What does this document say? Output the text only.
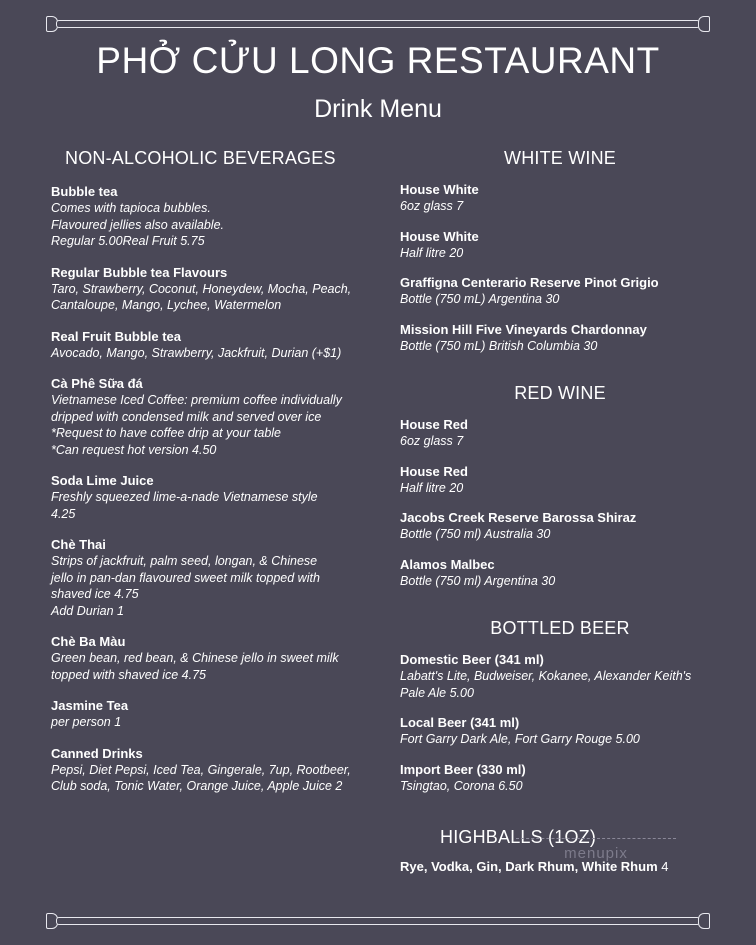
PHỞ CỬU LONG RESTAURANT
Drink Menu
NON-ALCOHOLIC BEVERAGES
Bubble tea
Comes with tapioca bubbles.
Flavoured jellies also available.
Regular 5.00Real Fruit 5.75
Regular Bubble tea Flavours
Taro, Strawberry, Coconut, Honeydew, Mocha, Peach,
Cantaloupe, Mango, Lychee, Watermelon
Real Fruit Bubble tea
Avocado, Mango, Strawberry, Jackfruit, Durian (+$1)
Cà Phê Sữa đá
Vietnamese Iced Coffee: premium coffee individually
dripped with condensed milk and served over ice
*Request to have coffee drip at your table
*Can request hot version 4.50
Soda Lime Juice
Freshly squeezed lime-a-nade Vietnamese style
4.25
Chè Thai
Strips of jackfruit, palm seed, longan, & Chinese
jello in pan-dan flavoured sweet milk topped with
shaved ice 4.75
Add Durian 1
Chè Ba Màu
Green bean, red bean, & Chinese jello in sweet milk
topped with shaved ice 4.75
Jasmine Tea
per person 1
Canned Drinks
Pepsi, Diet Pepsi, Iced Tea, Gingerale, 7up, Rootbeer,
Club soda, Tonic Water, Orange Juice, Apple Juice 2
WHITE WINE
House White
6oz glass 7
House White
Half litre 20
Graffigna Centerario Reserve Pinot Grigio
Bottle (750 mL) Argentina 30
Mission Hill Five Vineyards Chardonnay
Bottle (750 mL) British Columbia 30
RED WINE
House Red
6oz glass 7
House Red
Half litre 20
Jacobs Creek Reserve Barossa Shiraz
Bottle (750 ml) Australia 30
Alamos Malbec
Bottle (750 ml) Argentina 30
BOTTLED BEER
Domestic Beer (341 ml)
Labatt's Lite, Budweiser, Kokanee, Alexander Keith's
Pale Ale 5.00
Local Beer (341 ml)
Fort Garry Dark Ale, Fort Garry Rouge 5.00
Import Beer (330 ml)
Tsingtao, Corona 6.50
HIGHBALLS (1OZ)
Rye, Vodka, Gin, Dark Rhum, White Rhum 4
menupix
